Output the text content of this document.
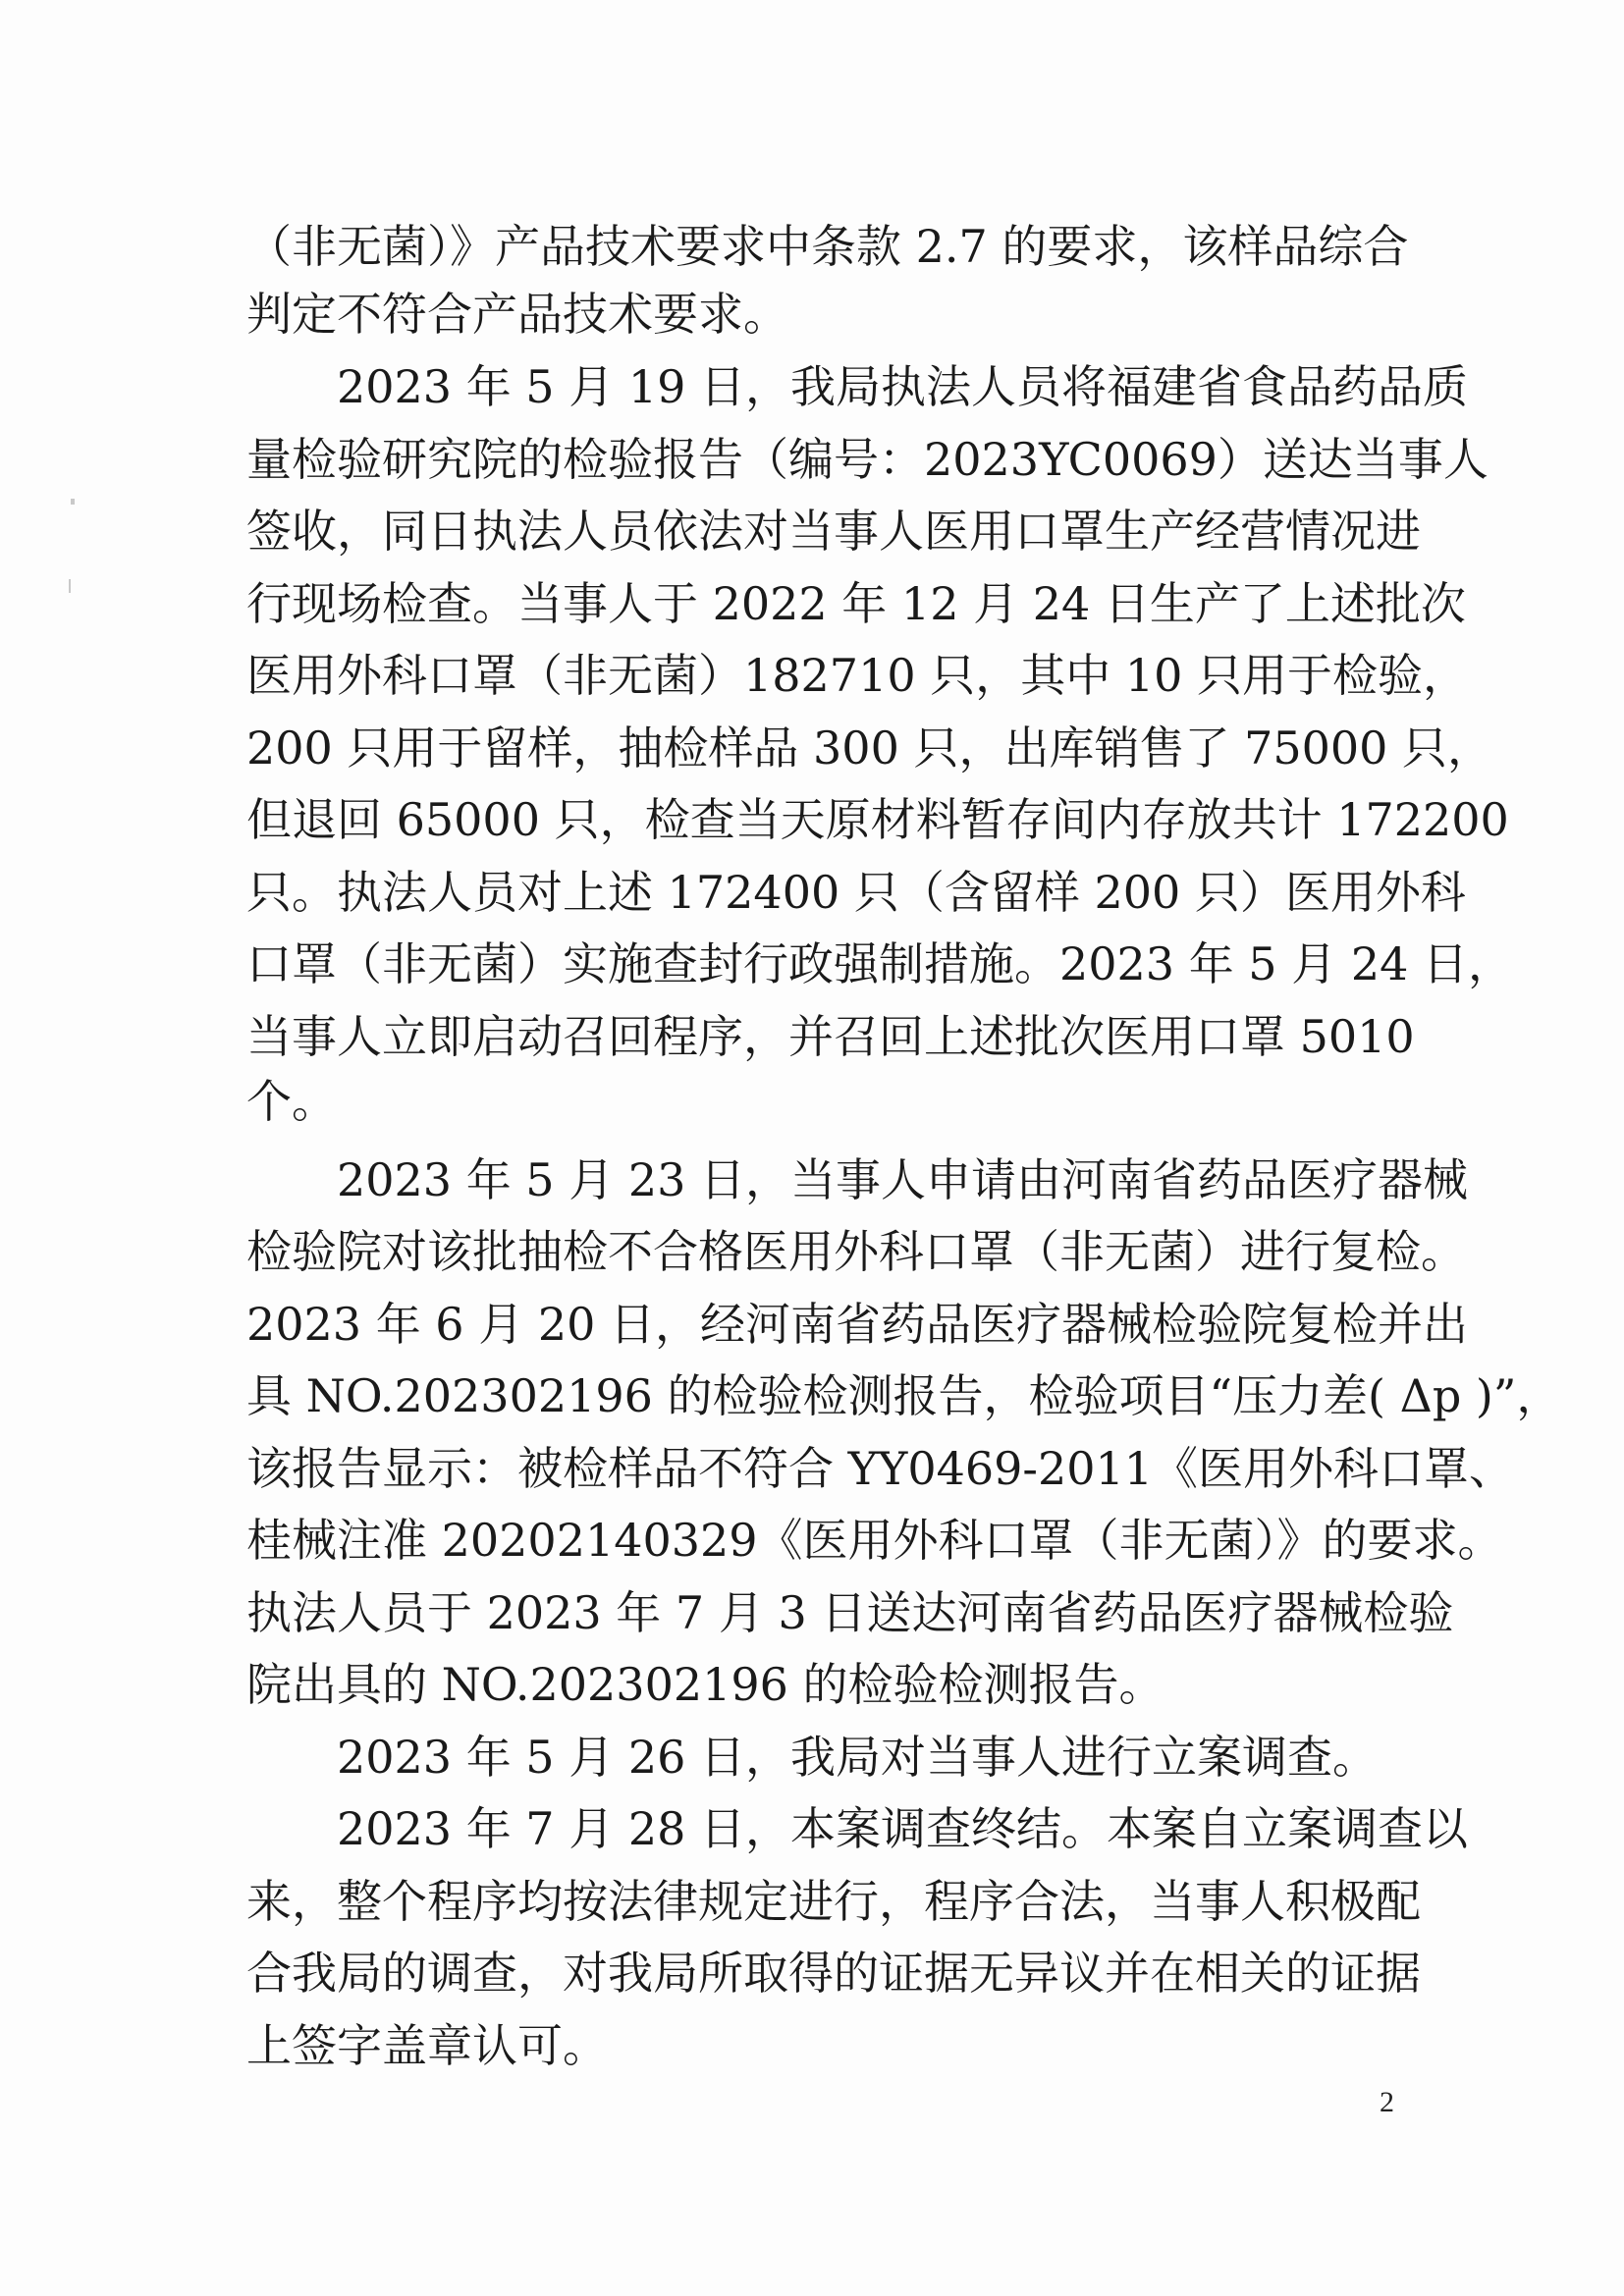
（非无菌）》产品技术要求中条款 2.7 的要求，该样品综合
判定不符合产品技术要求。
2023 年 5 月 19 日，我局执法人员将福建省食品药品质
量检验研究院的检验报告（编号：2023YC0069）送达当事人
签收，同日执法人员依法对当事人医用口罩生产经营情况进
行现场检查。当事人于 2022 年 12 月 24 日生产了上述批次
医用外科口罩（非无菌）182710 只，其中 10 只用于检验，
200 只用于留样，抽检样品 300 只，出库销售了 75000 只，
但退回 65000 只，检查当天原材料暂存间内存放共计 172200
只。执法人员对上述 172400 只（含留样 200 只）医用外科
口罩（非无菌）实施查封行政强制措施。2023 年 5 月 24 日，
当事人立即启动召回程序，并召回上述批次医用口罩 5010
个。
2023 年 5 月 23 日，当事人申请由河南省药品医疗器械
检验院对该批抽检不合格医用外科口罩（非无菌）进行复检。
2023 年 6 月 20 日，经河南省药品医疗器械检验院复检并出
具 NO.202302196 的检验检测报告，检验项目“压力差( Δp )”，
该报告显示：被检样品不符合 YY0469-2011《医用外科口罩、
桂械注准 20202140329《医用外科口罩（非无菌）》的要求。
执法人员于 2023 年 7 月 3 日送达河南省药品医疗器械检验
院出具的 NO.202302196 的检验检测报告。
2023 年 5 月 26 日，我局对当事人进行立案调查。
2023 年 7 月 28 日，本案调查终结。本案自立案调查以
来，整个程序均按法律规定进行，程序合法，当事人积极配
合我局的调查，对我局所取得的证据无异议并在相关的证据
上签字盖章认可。
2
